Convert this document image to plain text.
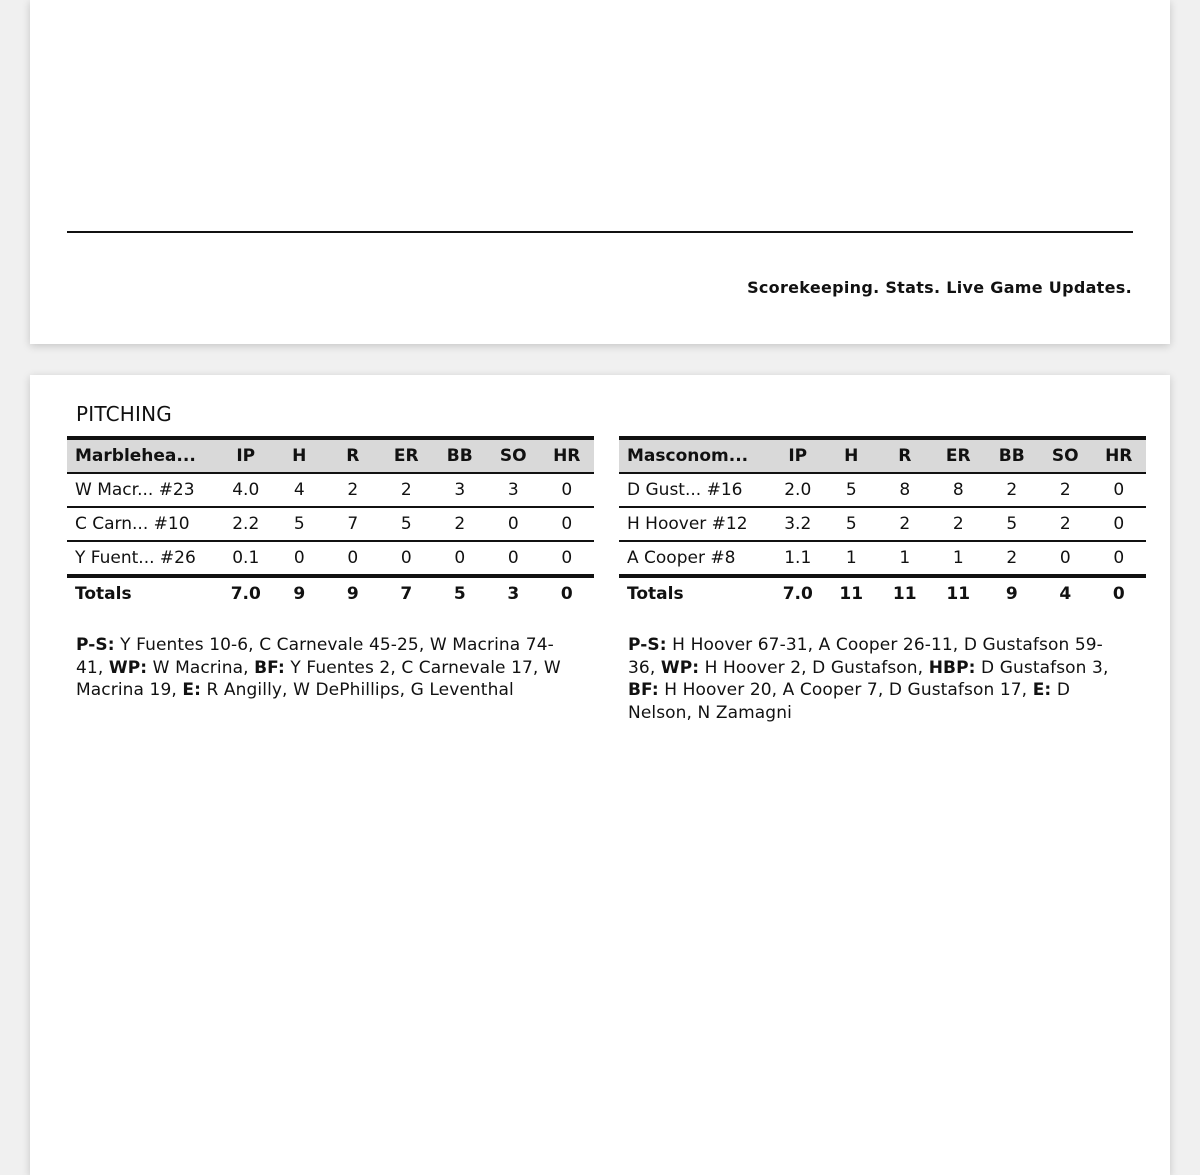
Scorekeeping. Stats. Live Game Updates.
PITCHING
Marblehea...	IP	H	R	ER	BB	SO	HR
W Macr... #23	4.0	4	2	2	3	3	0
C Carn... #10	2.2	5	7	5	2	0	0
Y Fuent... #26	0.1	0	0	0	0	0	0
Totals	7.0	9	9	7	5	3	0
P-S: Y Fuentes 10-6, C Carnevale 45-25, W Macrina 74-41, WP: W Macrina, BF: Y Fuentes 2, C Carnevale 17, W Macrina 19, E: R Angilly, W DePhillips, G Leventhal
Masconom...	IP	H	R	ER	BB	SO	HR
D Gust... #16	2.0	5	8	8	2	2	0
H Hoover #12	3.2	5	2	2	5	2	0
A Cooper #8	1.1	1	1	1	2	0	0
Totals	7.0	11	11	11	9	4	0
P-S: H Hoover 67-31, A Cooper 26-11, D Gustafson 59-36, WP: H Hoover 2, D Gustafson, HBP: D Gustafson 3, BF: H Hoover 20, A Cooper 7, D Gustafson 17, E: D Nelson, N Zamagni
